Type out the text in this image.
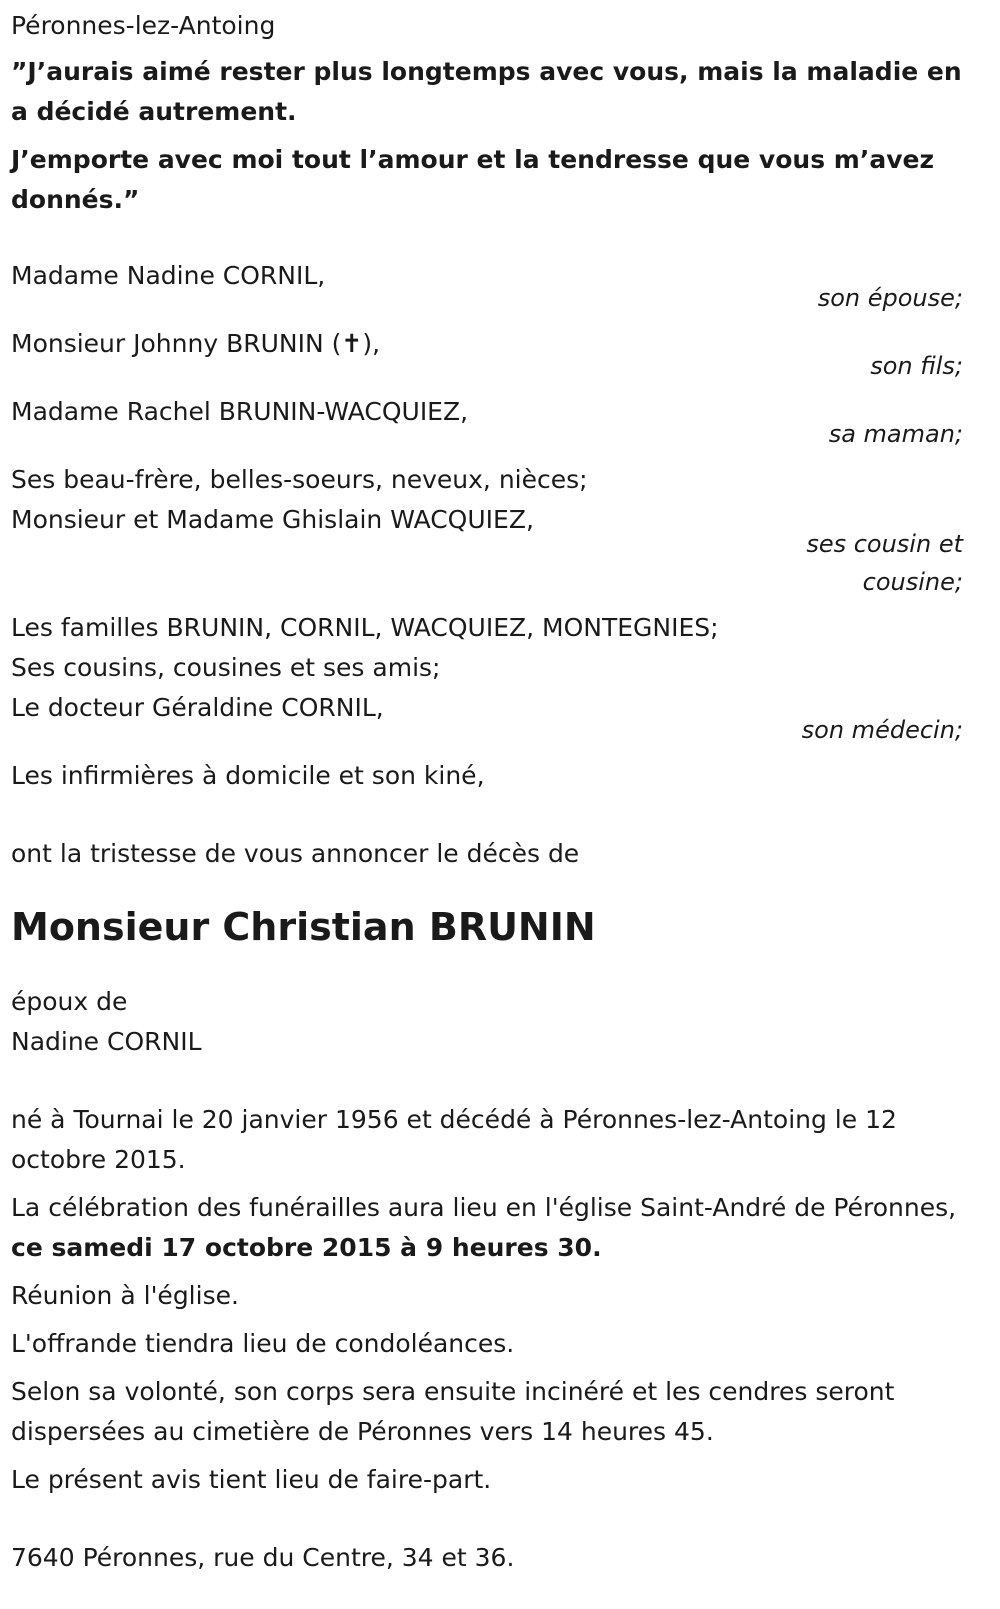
Péronnes-lez-Antoing

”J’aurais aimé rester plus longtemps avec vous, mais la maladie en a décidé autrement.

J’emporte avec moi tout l’amour et la tendresse que vous m’avez donnés.”

Madame Nadine CORNIL,

son épouse;

Monsieur Johnny BRUNIN (✝),

son fils;

Madame Rachel BRUNIN-WACQUIEZ,

sa maman;

Ses beau-frère, belles-soeurs, neveux, nièces;

Monsieur et Madame Ghislain WACQUIEZ,

ses cousin et

cousine;

Les familles BRUNIN, CORNIL, WACQUIEZ, MONTEGNIES;

Ses cousins, cousines et ses amis;

Le docteur Géraldine CORNIL,

son médecin;

Les infirmières à domicile et son kiné,

ont la tristesse de vous annoncer le décès de

Monsieur Christian BRUNIN

époux de

Nadine CORNIL

né à Tournai le 20 janvier 1956 et décédé à Péronnes-lez-Antoing le 12 octobre 2015.

La célébration des funérailles aura lieu en l'église Saint-André de Péronnes, ce samedi 17 octobre 2015 à 9 heures 30.

Réunion à l'église.

L'offrande tiendra lieu de condoléances.

Selon sa volonté, son corps sera ensuite incinéré et les cendres seront dispersées au cimetière de Péronnes vers 14 heures 45.

Le présent avis tient lieu de faire-part.

7640 Péronnes, rue du Centre, 34 et 36.
